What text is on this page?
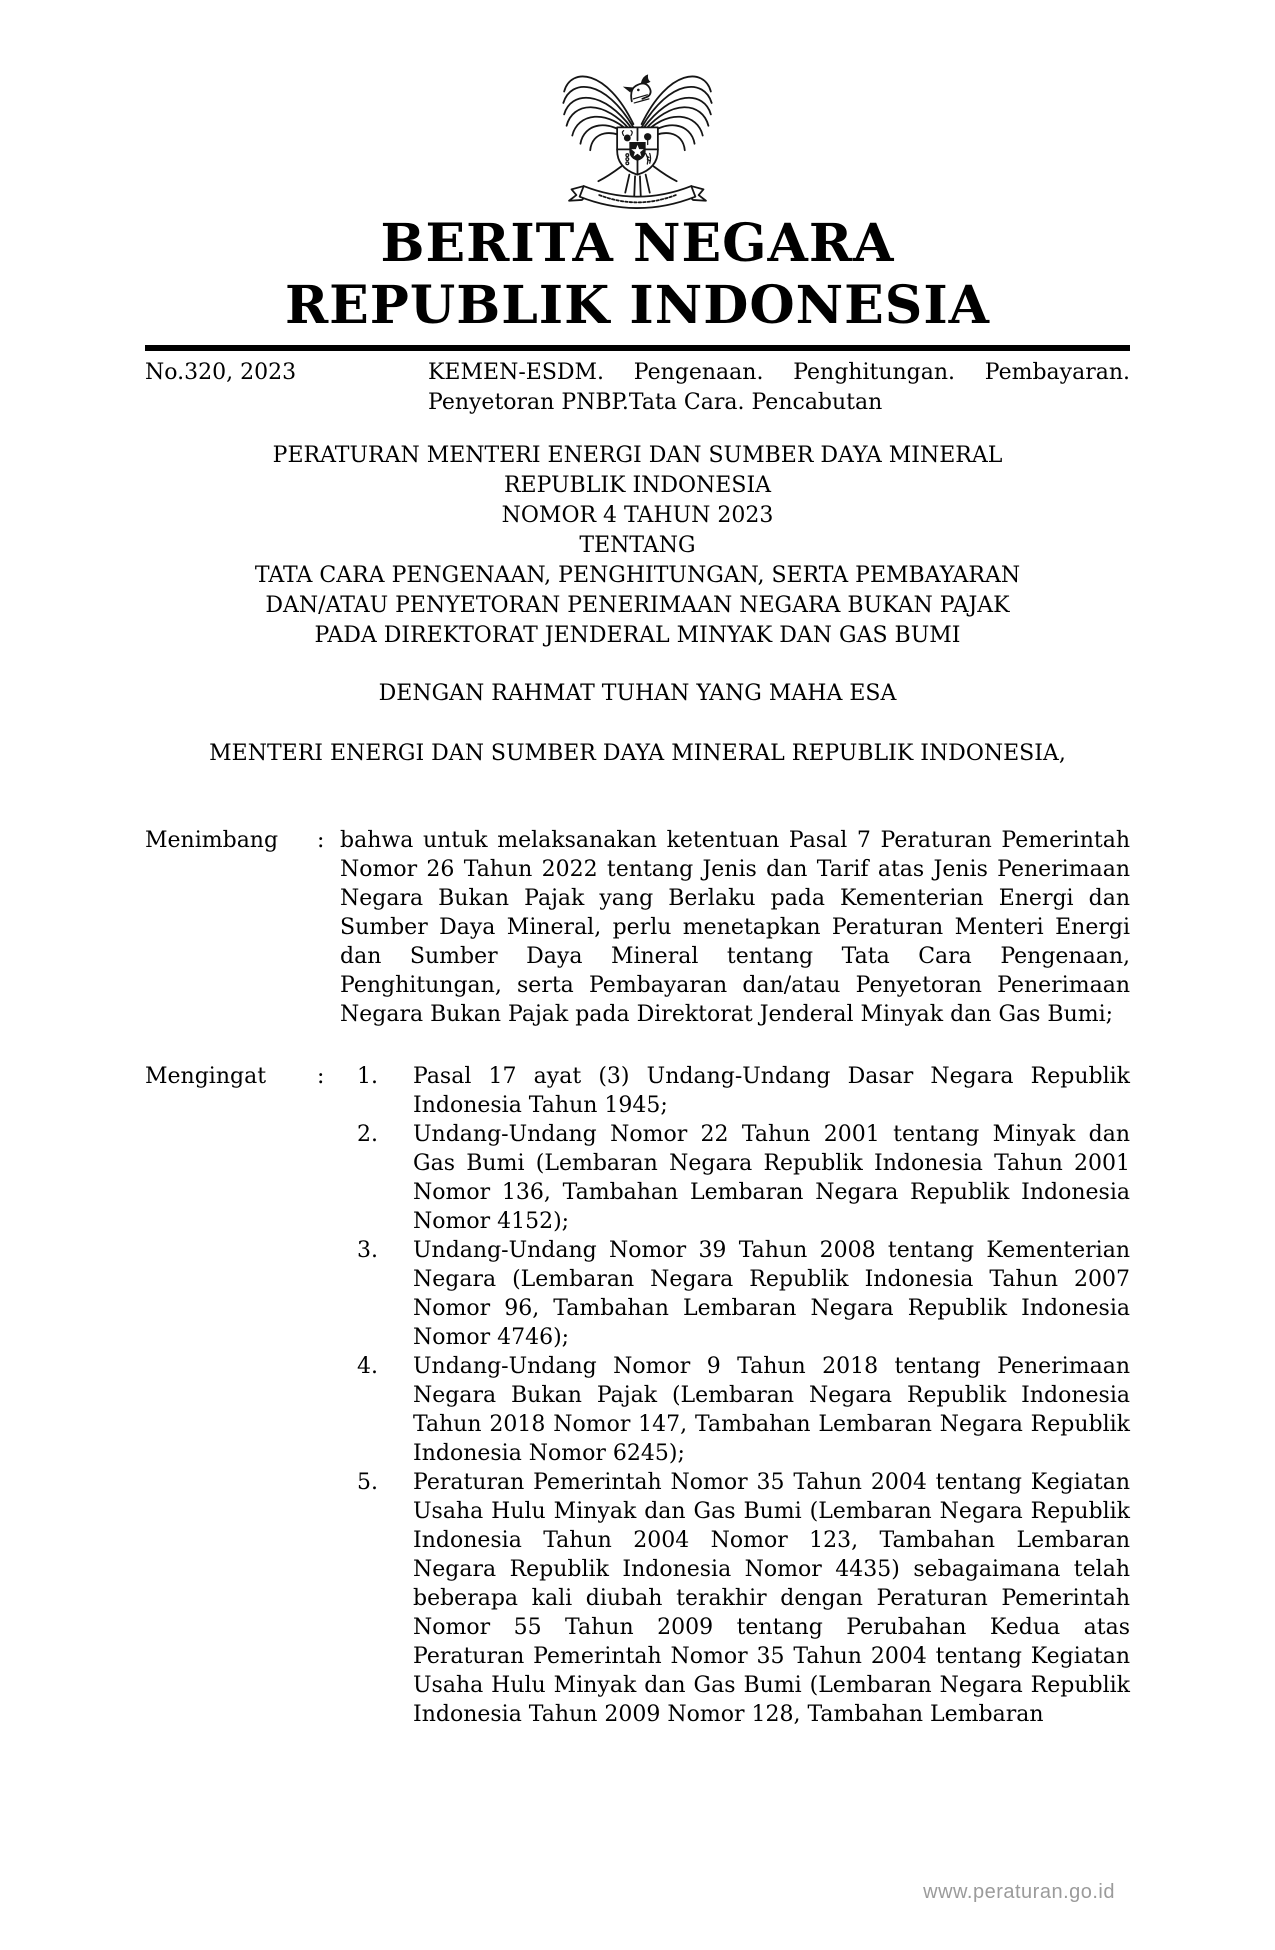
BERITA NEGARA
REPUBLIK INDONESIA
No.320, 2023	KEMEN-ESDM. Pengenaan. Penghitungan. Pembayaran.
Penyetoran PNBP.Tata Cara. Pencabutan
PERATURAN MENTERI ENERGI DAN SUMBER DAYA MINERAL
REPUBLIK INDONESIA
NOMOR 4 TAHUN 2023
TENTANG
TATA CARA PENGENAAN, PENGHITUNGAN, SERTA PEMBAYARAN
DAN/ATAU PENYETORAN PENERIMAAN NEGARA BUKAN PAJAK
PADA DIREKTORAT JENDERAL MINYAK DAN GAS BUMI
DENGAN RAHMAT TUHAN YANG MAHA ESA
MENTERI ENERGI DAN SUMBER DAYA MINERAL REPUBLIK INDONESIA,
Menimbang	: bahwa untuk melaksanakan ketentuan Pasal 7 Peraturan Pemerintah Nomor 26 Tahun 2022 tentang Jenis dan Tarif atas Jenis Penerimaan Negara Bukan Pajak yang Berlaku pada Kementerian Energi dan Sumber Daya Mineral, perlu menetapkan Peraturan Menteri Energi dan Sumber Daya Mineral tentang Tata Cara Pengenaan, Penghitungan, serta Pembayaran dan/atau Penyetoran Penerimaan Negara Bukan Pajak pada Direktorat Jenderal Minyak dan Gas Bumi;
Mengingat	:	1.	Pasal 17 ayat (3) Undang-Undang Dasar Negara Republik Indonesia Tahun 1945;
2.	Undang-Undang Nomor 22 Tahun 2001 tentang Minyak dan Gas Bumi (Lembaran Negara Republik Indonesia Tahun 2001 Nomor 136, Tambahan Lembaran Negara Republik Indonesia Nomor 4152);
3.	Undang-Undang Nomor 39 Tahun 2008 tentang Kementerian Negara (Lembaran Negara Republik Indonesia Tahun 2007 Nomor 96, Tambahan Lembaran Negara Republik Indonesia Nomor 4746);
4.	Undang-Undang Nomor 9 Tahun 2018 tentang Penerimaan Negara Bukan Pajak (Lembaran Negara Republik Indonesia Tahun 2018 Nomor 147, Tambahan Lembaran Negara Republik Indonesia Nomor 6245);
5.	Peraturan Pemerintah Nomor 35 Tahun 2004 tentang Kegiatan Usaha Hulu Minyak dan Gas Bumi (Lembaran Negara Republik Indonesia Tahun 2004 Nomor 123, Tambahan Lembaran Negara Republik Indonesia Nomor 4435) sebagaimana telah beberapa kali diubah terakhir dengan Peraturan Pemerintah Nomor 55 Tahun 2009 tentang Perubahan Kedua atas Peraturan Pemerintah Nomor 35 Tahun 2004 tentang Kegiatan Usaha Hulu Minyak dan Gas Bumi (Lembaran Negara Republik Indonesia Tahun 2009 Nomor 128, Tambahan Lembaran
www.peraturan.go.id
